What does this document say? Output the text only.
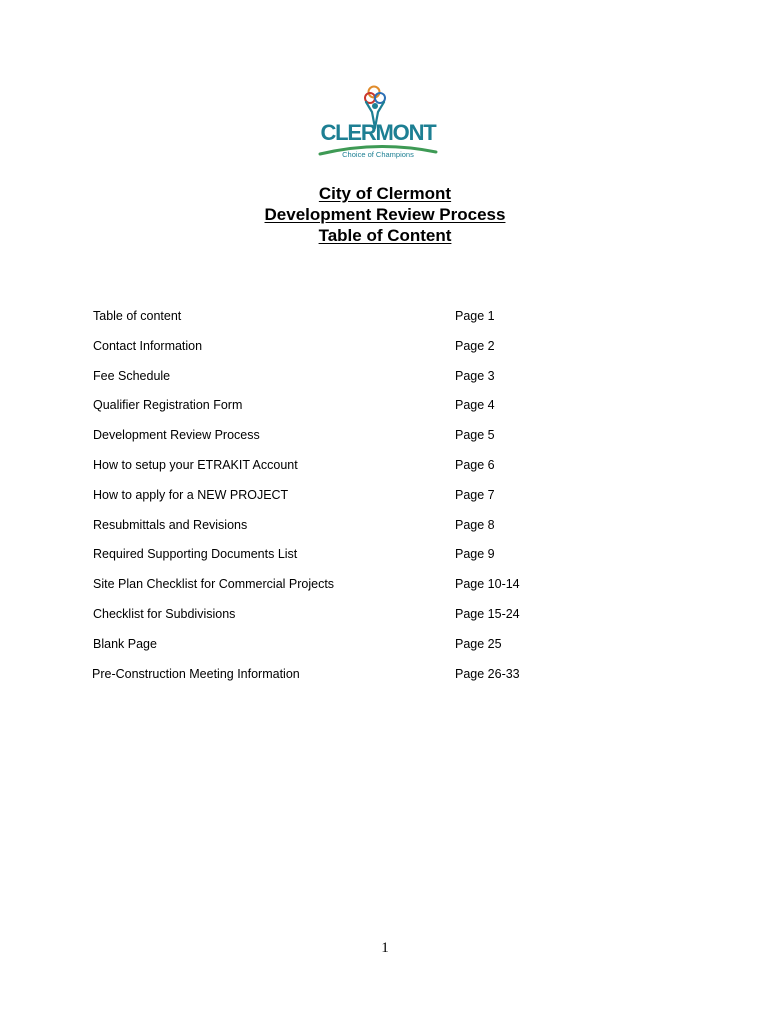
CLERMONT
Choice of Champions
City of Clermont
Development Review Process
Table of Content
Table of content	Page 1
Contact Information	Page 2
Fee Schedule	Page 3
Qualifier Registration Form	Page 4
Development Review Process	Page 5
How to setup your ETRAKIT Account	Page 6
How to apply for a NEW PROJECT	Page 7
Resubmittals and Revisions	Page 8
Required Supporting Documents List	Page 9
Site Plan Checklist for Commercial Projects	Page 10-14
Checklist for Subdivisions	Page 15-24
Blank Page	Page 25
Pre-Construction Meeting Information	Page 26-33
1
